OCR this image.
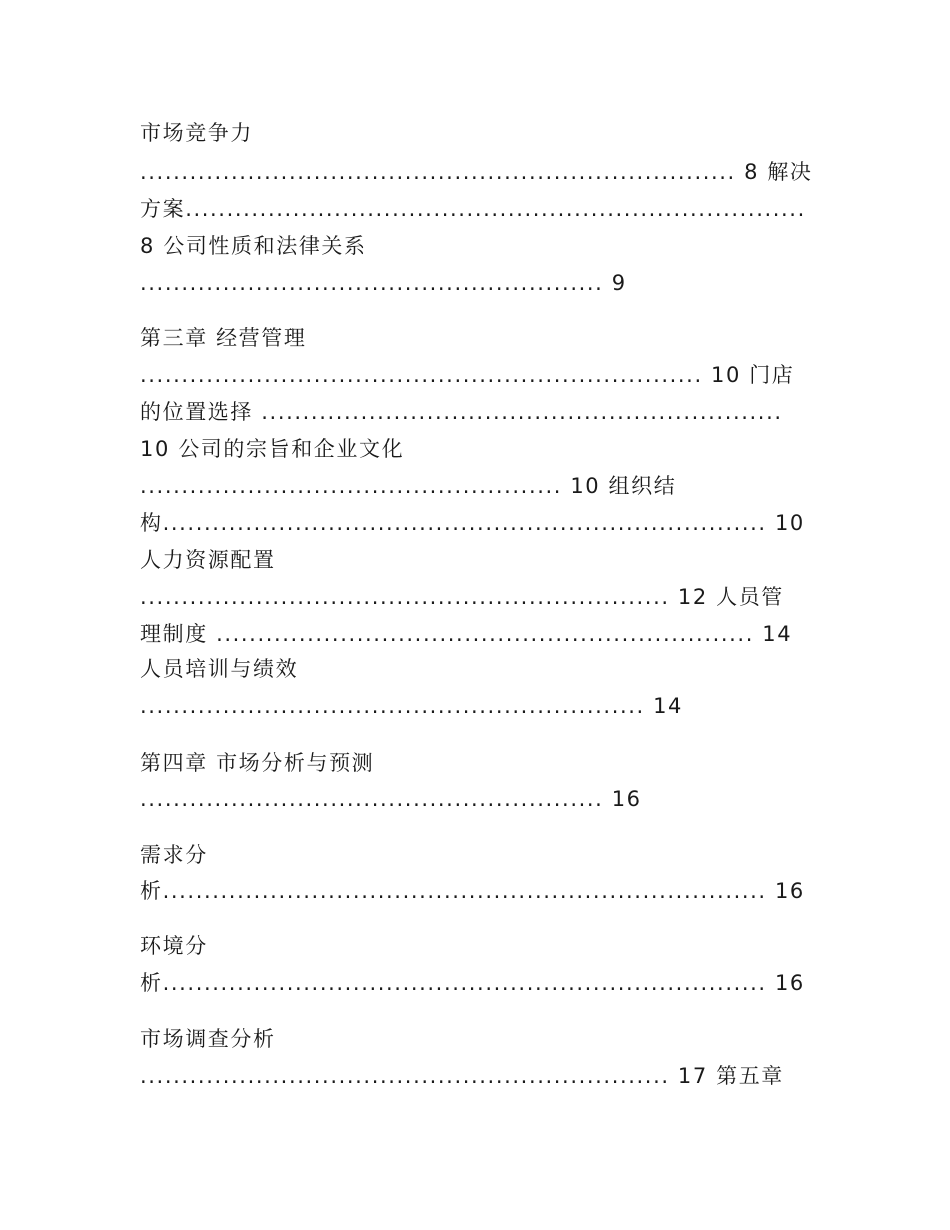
市场竞争力
........................................................................ 8 解决
方案...........................................................................
8 公司性质和法律关系
........................................................ 9
第三章 经营管理
.................................................................... 10 门店
的位置选择 ...............................................................
10 公司的宗旨和企业文化
................................................... 10 组织结
构......................................................................... 10
人力资源配置
................................................................ 12 人员管
理制度 ................................................................. 14
人员培训与绩效
............................................................. 14
第四章 市场分析与预测
........................................................ 16
需求分
析......................................................................... 16
环境分
析......................................................................... 16
市场调查分析
................................................................ 17 第五章
